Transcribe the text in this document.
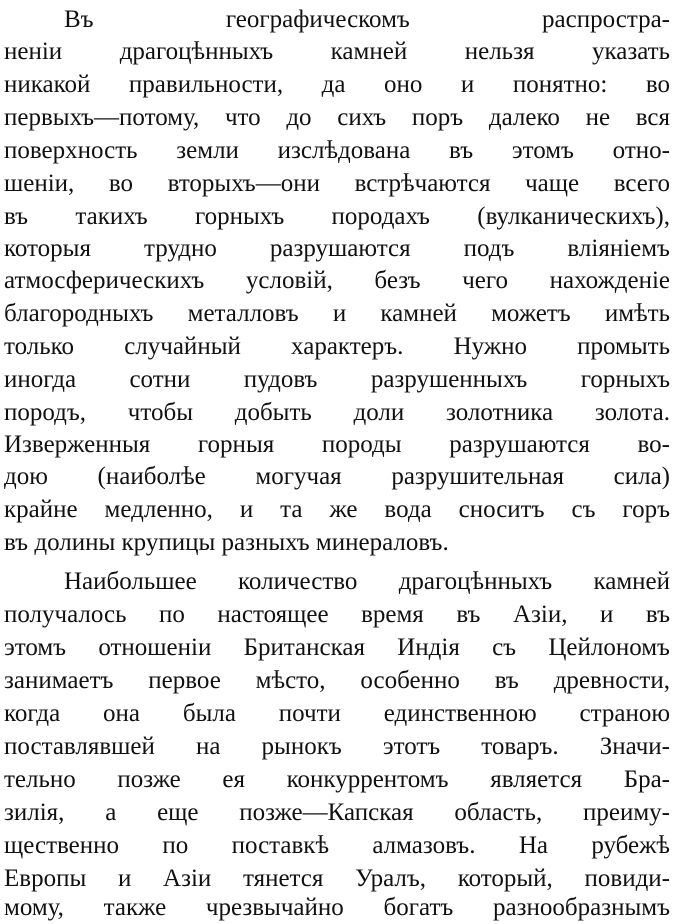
Въ географическомъ распростра-
неніи драгоцѣнныхъ камней нельзя указать
никакой правильности, да оно и понятно: во
первыхъ—потому, что до сихъ поръ далеко не вся
поверхность земли изслѣдована въ этомъ отно-
шеніи, во вторыхъ—они встрѣчаются чаще всего
въ такихъ горныхъ породахъ (вулканическихъ),
которыя трудно разрушаются подъ вліяніемъ
атмосферическихъ условій, безъ чего нахожденіе
благородныхъ металловъ и камней можетъ имѣть
только случайный характеръ. Нужно промыть
иногда сотни пудовъ разрушенныхъ горныхъ
породъ, чтобы добыть доли золотника золота.
Изверженныя горныя породы разрушаются во-
дою (наиболѣе могучая разрушительная сила)
крайне медленно, и та же вода сноситъ съ горъ
въ долины крупицы разныхъ минераловъ.
Наибольшее количество драгоцѣнныхъ камней
получалось по настоящее время въ Азіи, и въ
этомъ отношеніи Британская Индія съ Цейлономъ
занимаетъ первое мѣсто, особенно въ древности,
когда она была почти единственною страною
поставлявшей на рынокъ этотъ товаръ. Значи-
тельно позже ея конкуррентомъ является Бра-
зилія, а еще позже—Капская область, преиму-
щественно по поставкѣ алмазовъ. На рубежѣ
Европы и Азіи тянется Уралъ, который, повиди-
мому, также чрезвычайно богатъ разнообразнымъ
